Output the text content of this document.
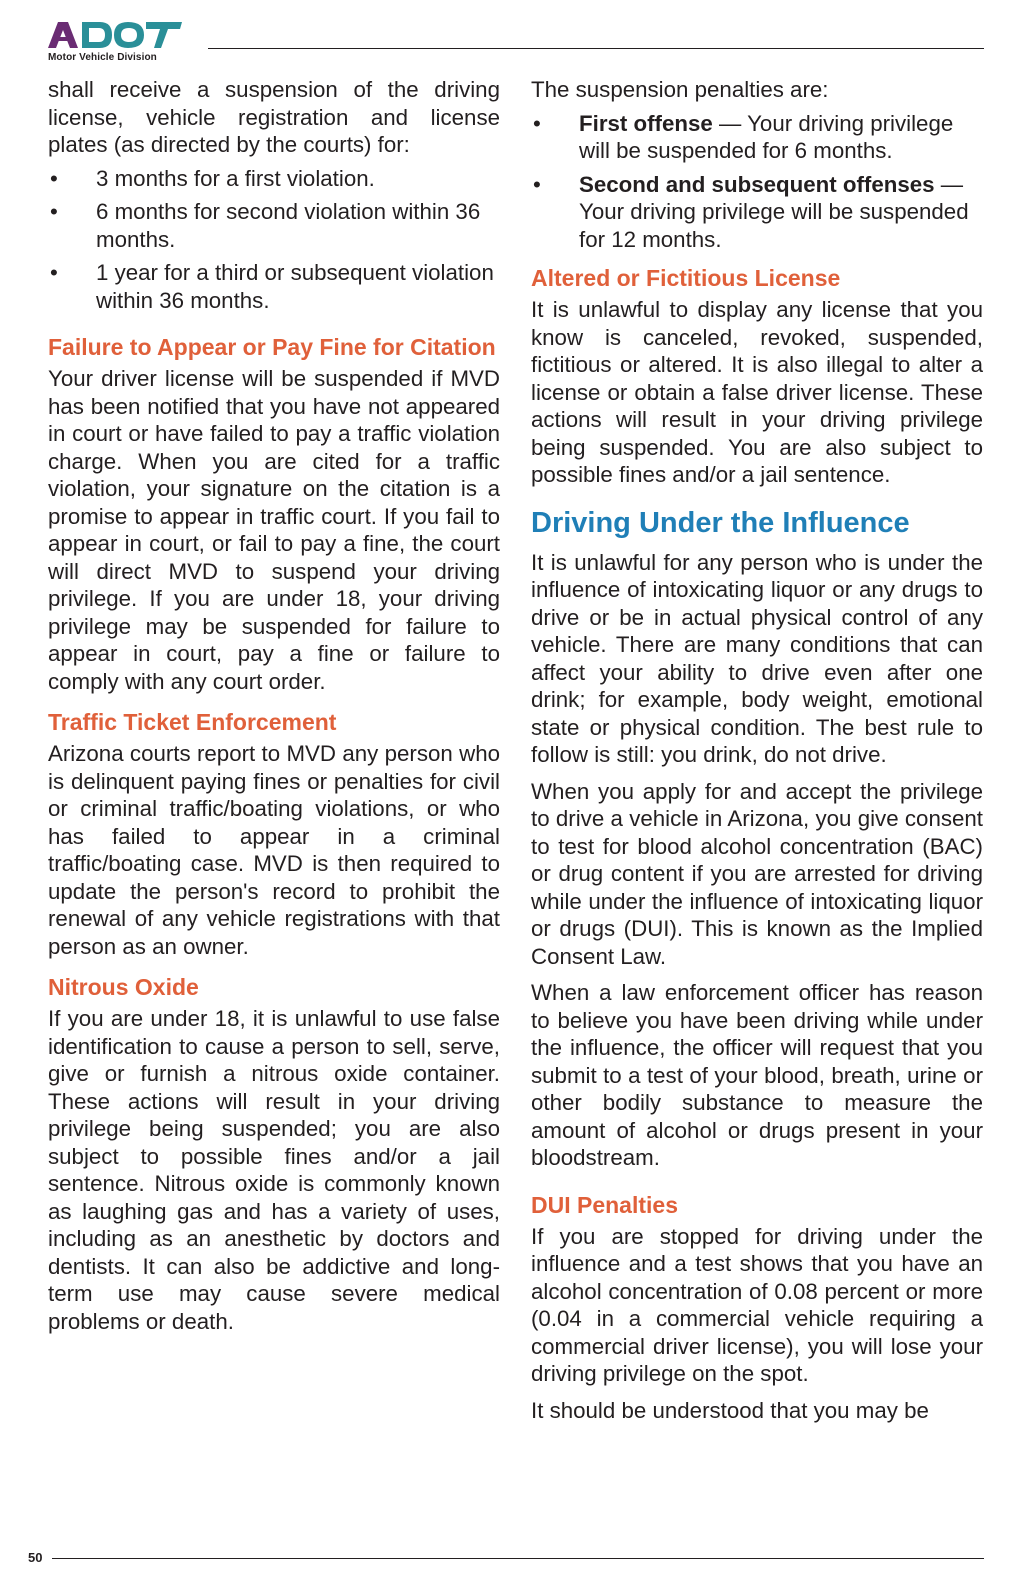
Motor Vehicle Division

shall receive a suspension of the driving license, vehicle registration and license plates (as directed by the courts) for:

• 3 months for a first violation.
• 6 months for second violation within 36 months.
• 1 year for a third or subsequent violation within 36 months.
Failure to Appear or Pay Fine for Citation

Your driver license will be suspended if MVD has been notified that you have not appeared in court or have failed to pay a traffic violation charge. When you are cited for a traffic violation, your signature on the citation is a promise to appear in traffic court. If you fail to appear in court, or fail to pay a fine, the court will direct MVD to suspend your driving privilege. If you are under 18, your driving privilege may be suspended for failure to appear in court, pay a fine or failure to comply with any court order.

Traffic Ticket Enforcement

Arizona courts report to MVD any person who is delinquent paying fines or penalties for civil or criminal traffic/boating violations, or who has failed to appear in a criminal traffic/boating case. MVD is then required to update the person's record to prohibit the renewal of any vehicle registrations with that person as an owner.

Nitrous Oxide

If you are under 18, it is unlawful to use false identification to cause a person to sell, serve, give or furnish a nitrous oxide container. These actions will result in your driving privilege being suspended; you are also subject to possible fines and/or a jail sentence. Nitrous oxide is commonly known as laughing gas and has a variety of uses, including as an anesthetic by doctors and dentists. It can also be addictive and long-term use may cause severe medical problems or death.

The suspension penalties are:

• First offense — Your driving privilege will be suspended for 6 months.
• Second and subsequent offenses — Your driving privilege will be suspended for 12 months.
Altered or Fictitious License

It is unlawful to display any license that you know is canceled, revoked, suspended, fictitious or altered. It is also illegal to alter a license or obtain a false driver license. These actions will result in your driving privilege being suspended. You are also subject to possible fines and/or a jail sentence.

Driving Under the Influence

It is unlawful for any person who is under the influence of intoxicating liquor or any drugs to drive or be in actual physical control of any vehicle. There are many conditions that can affect your ability to drive even after one drink; for example, body weight, emotional state or physical condition. The best rule to follow is still: you drink, do not drive.

When you apply for and accept the privilege to drive a vehicle in Arizona, you give consent to test for blood alcohol concentration (BAC) or drug content if you are arrested for driving while under the influence of intoxicating liquor or drugs (DUI). This is known as the Implied Consent Law.

When a law enforcement officer has reason to believe you have been driving while under the influence, the officer will request that you submit to a test of your blood, breath, urine or other bodily substance to measure the amount of alcohol or drugs present in your bloodstream.

DUI Penalties

If you are stopped for driving under the influence and a test shows that you have an alcohol concentration of 0.08 percent or more (0.04 in a commercial vehicle requiring a commercial driver license), you will lose your driving privilege on the spot.

It should be understood that you may be

50
